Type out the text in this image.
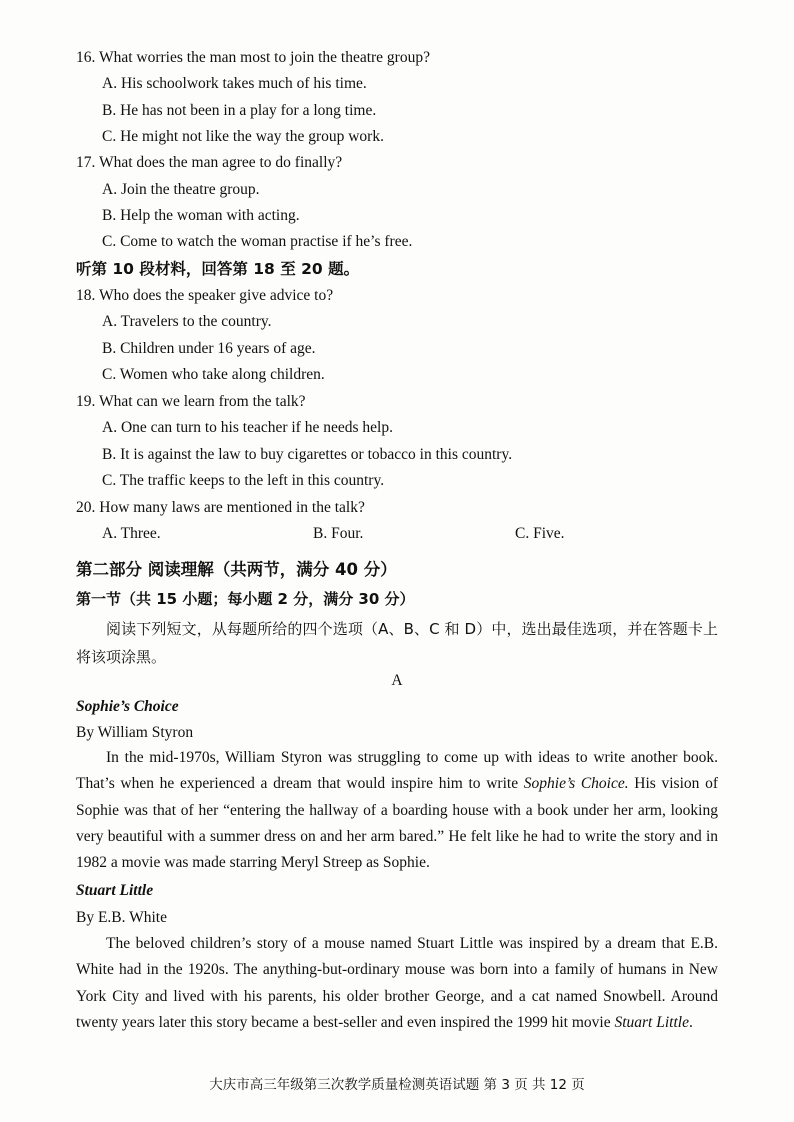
16. What worries the man most to join the theatre group?
A. His schoolwork takes much of his time.
B. He has not been in a play for a long time.
C. He might not like the way the group work.
17. What does the man agree to do finally?
A. Join the theatre group.
B. Help the woman with acting.
C. Come to watch the woman practise if he’s free.
听第 10 段材料，回答第 18 至 20 题。
18. Who does the speaker give advice to?
A. Travelers to the country.
B. Children under 16 years of age.
C. Women who take along children.
19. What can we learn from the talk?
A. One can turn to his teacher if he needs help.
B. It is against the law to buy cigarettes or tobacco in this country.
C. The traffic keeps to the left in this country.
20. How many laws are mentioned in the talk?
A. Three.	B. Four.	C. Five.
第二部分 阅读理解（共两节，满分 40 分）
第一节（共 15 小题；每小题 2 分，满分 30 分）

阅读下列短文，从每题所给的四个选项（A、B、C 和 D）中，选出最佳选项，并在答题卡上将该项涂黑。

A
Sophie’s Choice
By William Styron

In the mid-1970s, William Styron was struggling to come up with ideas to write another book. That’s when he experienced a dream that would inspire him to write Sophie’s Choice. His vision of Sophie was that of her “entering the hallway of a boarding house with a book under her arm, looking very beautiful with a summer dress on and her arm bared.” He felt like he had to write the story and in 1982 a movie was made starring Meryl Streep as Sophie.

Stuart Little
By E.B. White

The beloved children’s story of a mouse named Stuart Little was inspired by a dream that E.B. White had in the 1920s. The anything-but-ordinary mouse was born into a family of humans in New York City and lived with his parents, his older brother George, and a cat named Snowbell. Around twenty years later this story became a best-seller and even inspired the 1999 hit movie Stuart Little.

大庆市高三年级第三次教学质量检测英语试题 第 3 页 共 12 页
